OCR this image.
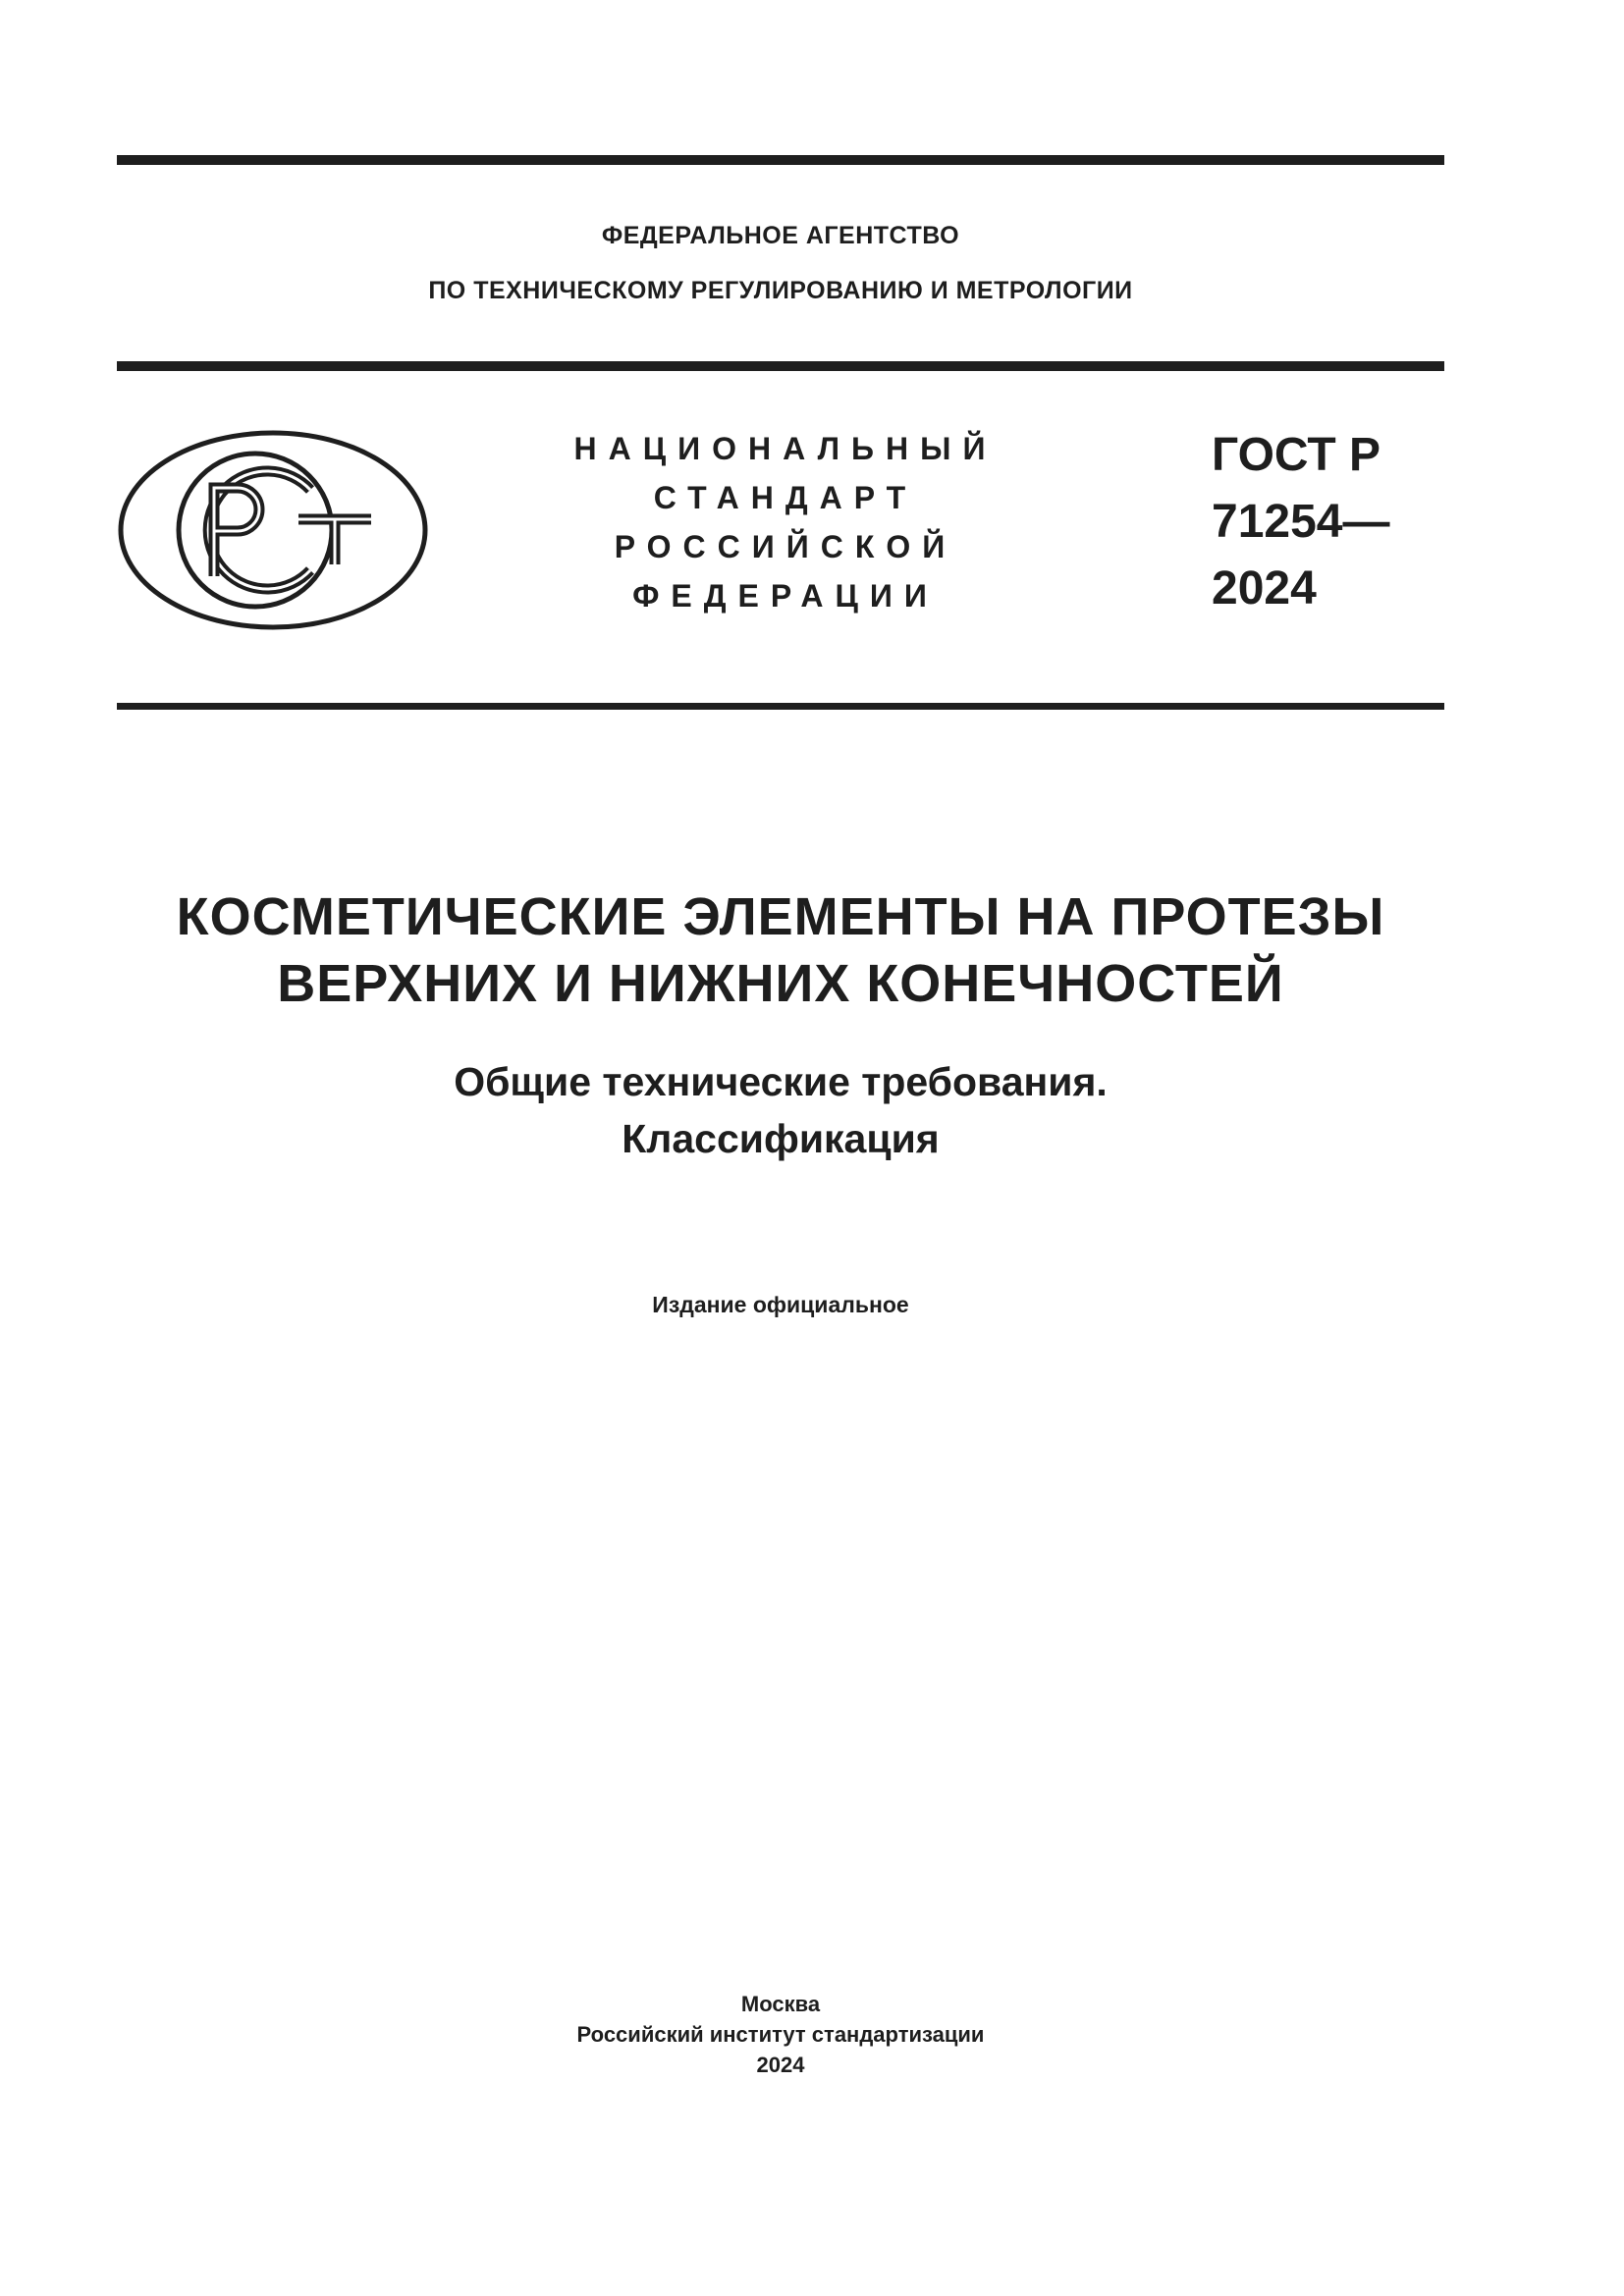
ФЕДЕРАЛЬНОЕ АГЕНТСТВО
ПО ТЕХНИЧЕСКОМУ РЕГУЛИРОВАНИЮ И МЕТРОЛОГИИ
НАЦИОНАЛЬНЫЙ
СТАНДАРТ
РОССИЙСКОЙ
ФЕДЕРАЦИИ
ГОСТ Р
71254—
2024
КОСМЕТИЧЕСКИЕ ЭЛЕМЕНТЫ НА ПРОТЕЗЫ
ВЕРХНИХ И НИЖНИХ КОНЕЧНОСТЕЙ
Общие технические требования.
Классификация
Издание официальное
Москва
Российский институт стандартизации
2024
